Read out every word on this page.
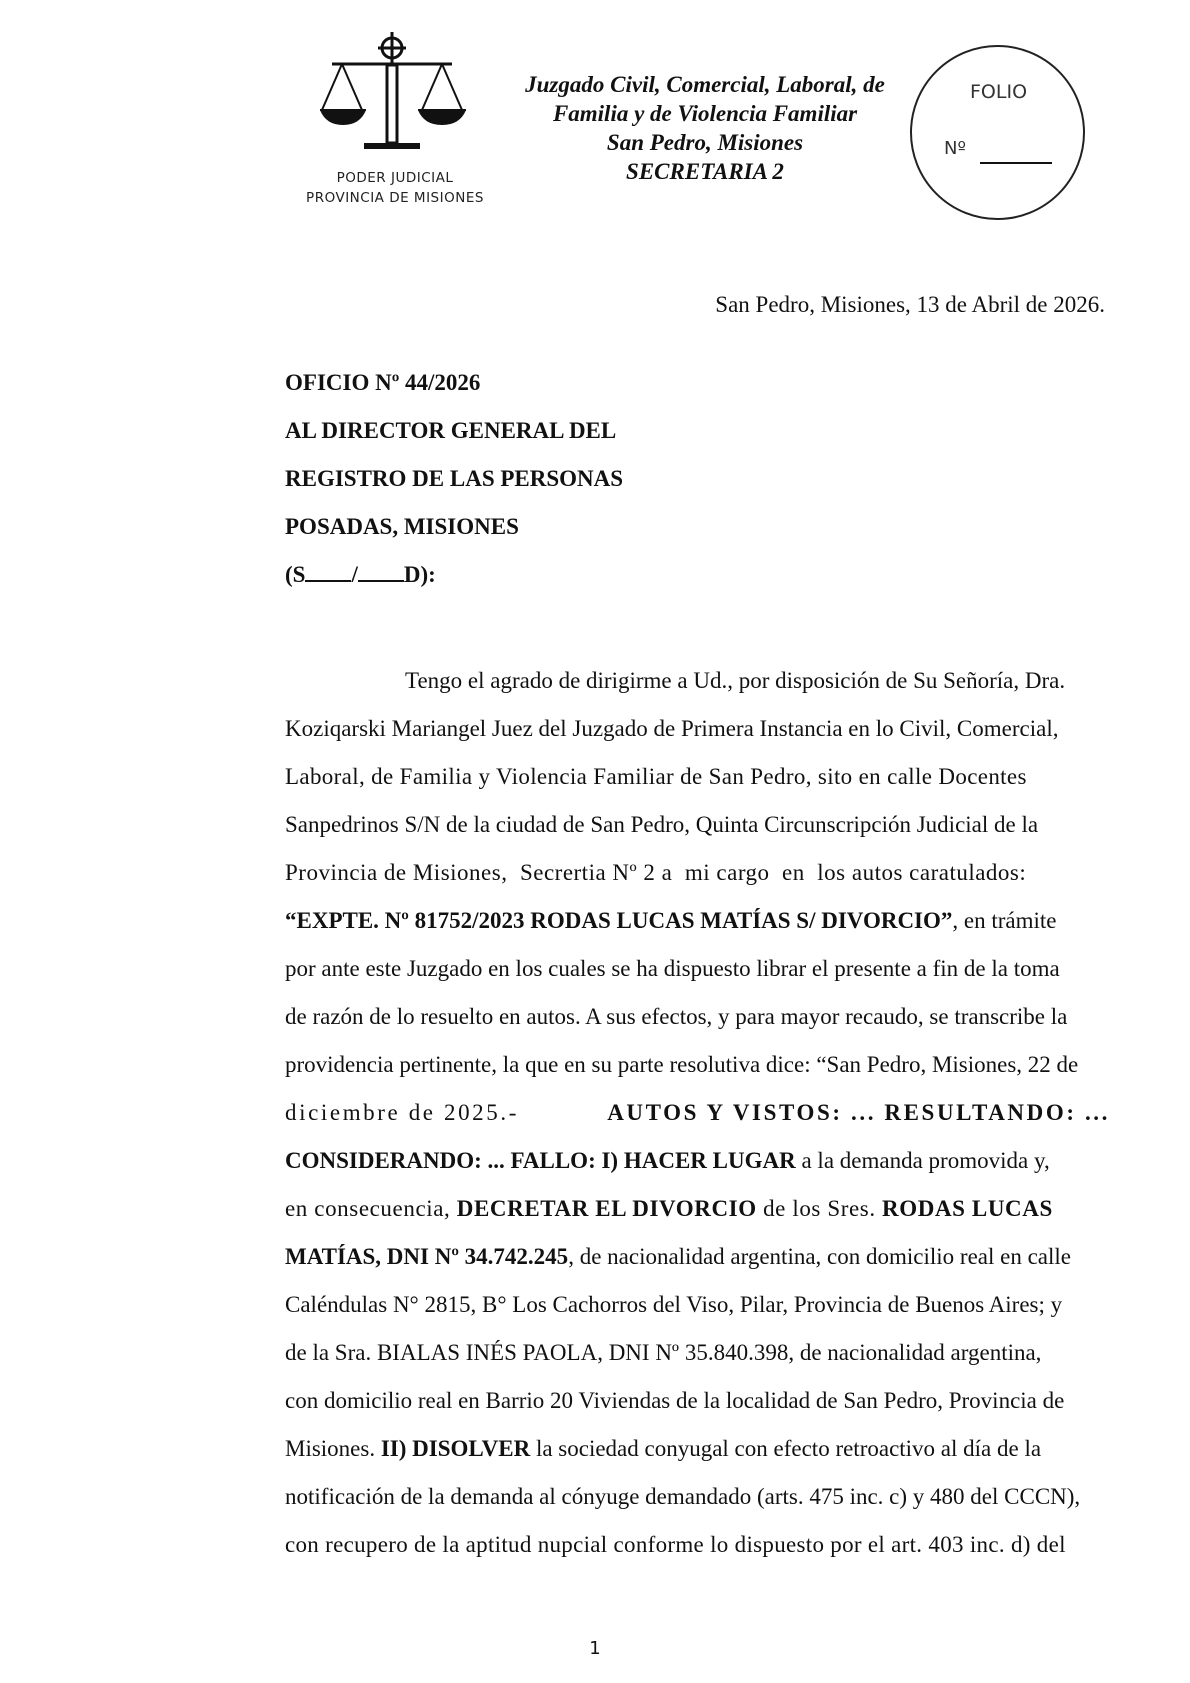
PODER JUDICIAL
PROVINCIA DE MISIONES
Juzgado Civil, Comercial, Laboral, de
Familia y de Violencia Familiar
San Pedro, Misiones
SECRETARIA 2
FOLIO
Nº
San Pedro, Misiones, 13 de Abril de 2026.
OFICIO Nº 44/2026
AL DIRECTOR GENERAL DEL
REGISTRO DE LAS PERSONAS
POSADAS, MISIONES
(S / D):
Tengo el agrado de dirigirme a Ud., por disposición de Su Señoría, Dra.
Koziqarski Mariangel Juez del Juzgado de Primera Instancia en lo Civil, Comercial,
Laboral, de Familia y Violencia Familiar de San Pedro, sito en calle Docentes
Sanpedrinos S/N de la ciudad de San Pedro, Quinta Circunscripción Judicial de la
Provincia de Misiones,  Secrertia Nº 2 a  mi cargo  en  los autos caratulados:
“EXPTE. Nº 81752/2023 RODAS LUCAS MATÍAS S/ DIVORCIO”, en trámite
por ante este Juzgado en los cuales se ha dispuesto librar el presente a fin de la toma
de razón de lo resuelto en autos. A sus efectos, y para mayor recaudo, se transcribe la
providencia pertinente, la que en su parte resolutiva dice: “San Pedro, Misiones, 22 de
diciembre de 2025.-	AUTOS Y VISTOS: ... RESULTANDO: ...
CONSIDERANDO: ... FALLO: I) HACER LUGAR a la demanda promovida y,
en consecuencia, DECRETAR EL DIVORCIO de los Sres. RODAS LUCAS
MATÍAS, DNI Nº 34.742.245, de nacionalidad argentina, con domicilio real en calle
Caléndulas N° 2815, B° Los Cachorros del Viso, Pilar, Provincia de Buenos Aires; y
de la Sra. BIALAS INÉS PAOLA, DNI Nº 35.840.398, de nacionalidad argentina,
con domicilio real en Barrio 20 Viviendas de la localidad de San Pedro, Provincia de
Misiones. II) DISOLVER la sociedad conyugal con efecto retroactivo al día de la
notificación de la demanda al cónyuge demandado (arts. 475 inc. c) y 480 del CCCN),
con recupero de la aptitud nupcial conforme lo dispuesto por el art. 403 inc. d) del
1
